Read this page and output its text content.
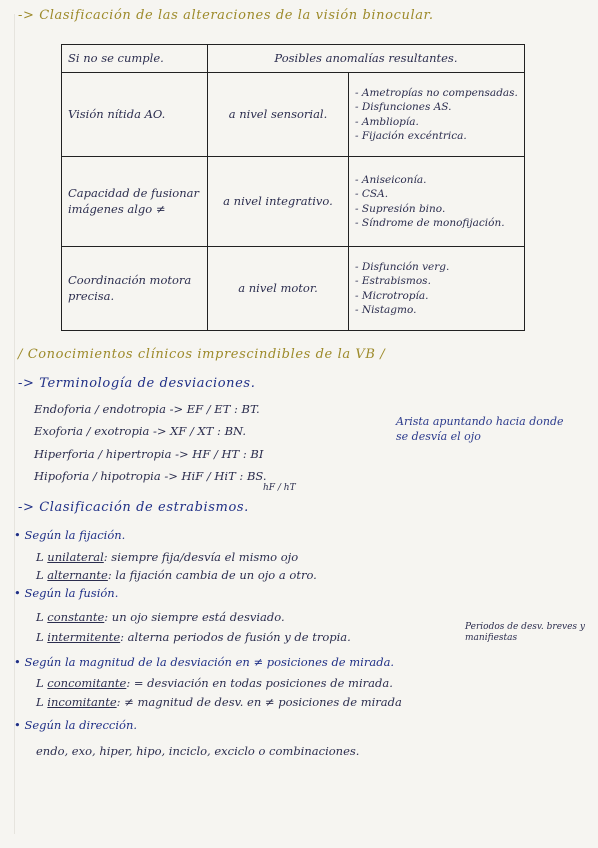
-> Clasificación de las alteraciones de la visión binocular.
Si no se cumple.	Posibles anomalías resultantes.	
Visión nítida AO.	a nivel sensorial.	- Ametropías no compensadas.
- Disfunciones AS.
- Ambliopía.
- Fijación excéntrica.

Capacidad de fusionar imágenes algo ≠	a nivel integrativo.	- Aniseiconía.
- CSA.
- Supresión bino.
- Síndrome de monofijación.

Coordinación motora precisa.	a nivel motor.	- Disfunción verg.
- Estrabismos.
- Microtropía.
- Nistagmo.
/ Conocimientos clínicos imprescindibles de la VB /
-> Terminología de desviaciones.
Endoforia / endotropia -> EF / ET : BT.
Exoforia / exotropia -> XF / XT : BN.
Hiperforia / hipertropia -> HF / HT : BI
Hipoforia / hipotropia -> HiF / HiT : BS.
hF / hT
Arista apuntando hacia donde se desvía el ojo
-> Clasificación de estrabismos.
• Según la fijación.
L unilateral: siempre fija/desvía el mismo ojo
L alternante: la fijación cambia de un ojo a otro.
• Según la fusión.
L constante: un ojo siempre está desviado.
L intermitente: alterna periodos de fusión y de tropia.
Periodos de desv. breves y manifiestas
• Según la magnitud de la desviación en ≠ posiciones de mirada.
L concomitante: = desviación en todas posiciones de mirada.
L incomitante: ≠ magnitud de desv. en ≠ posiciones de mirada
• Según la dirección.
endo, exo, hiper, hipo, inciclo, exciclo o combinaciones.
